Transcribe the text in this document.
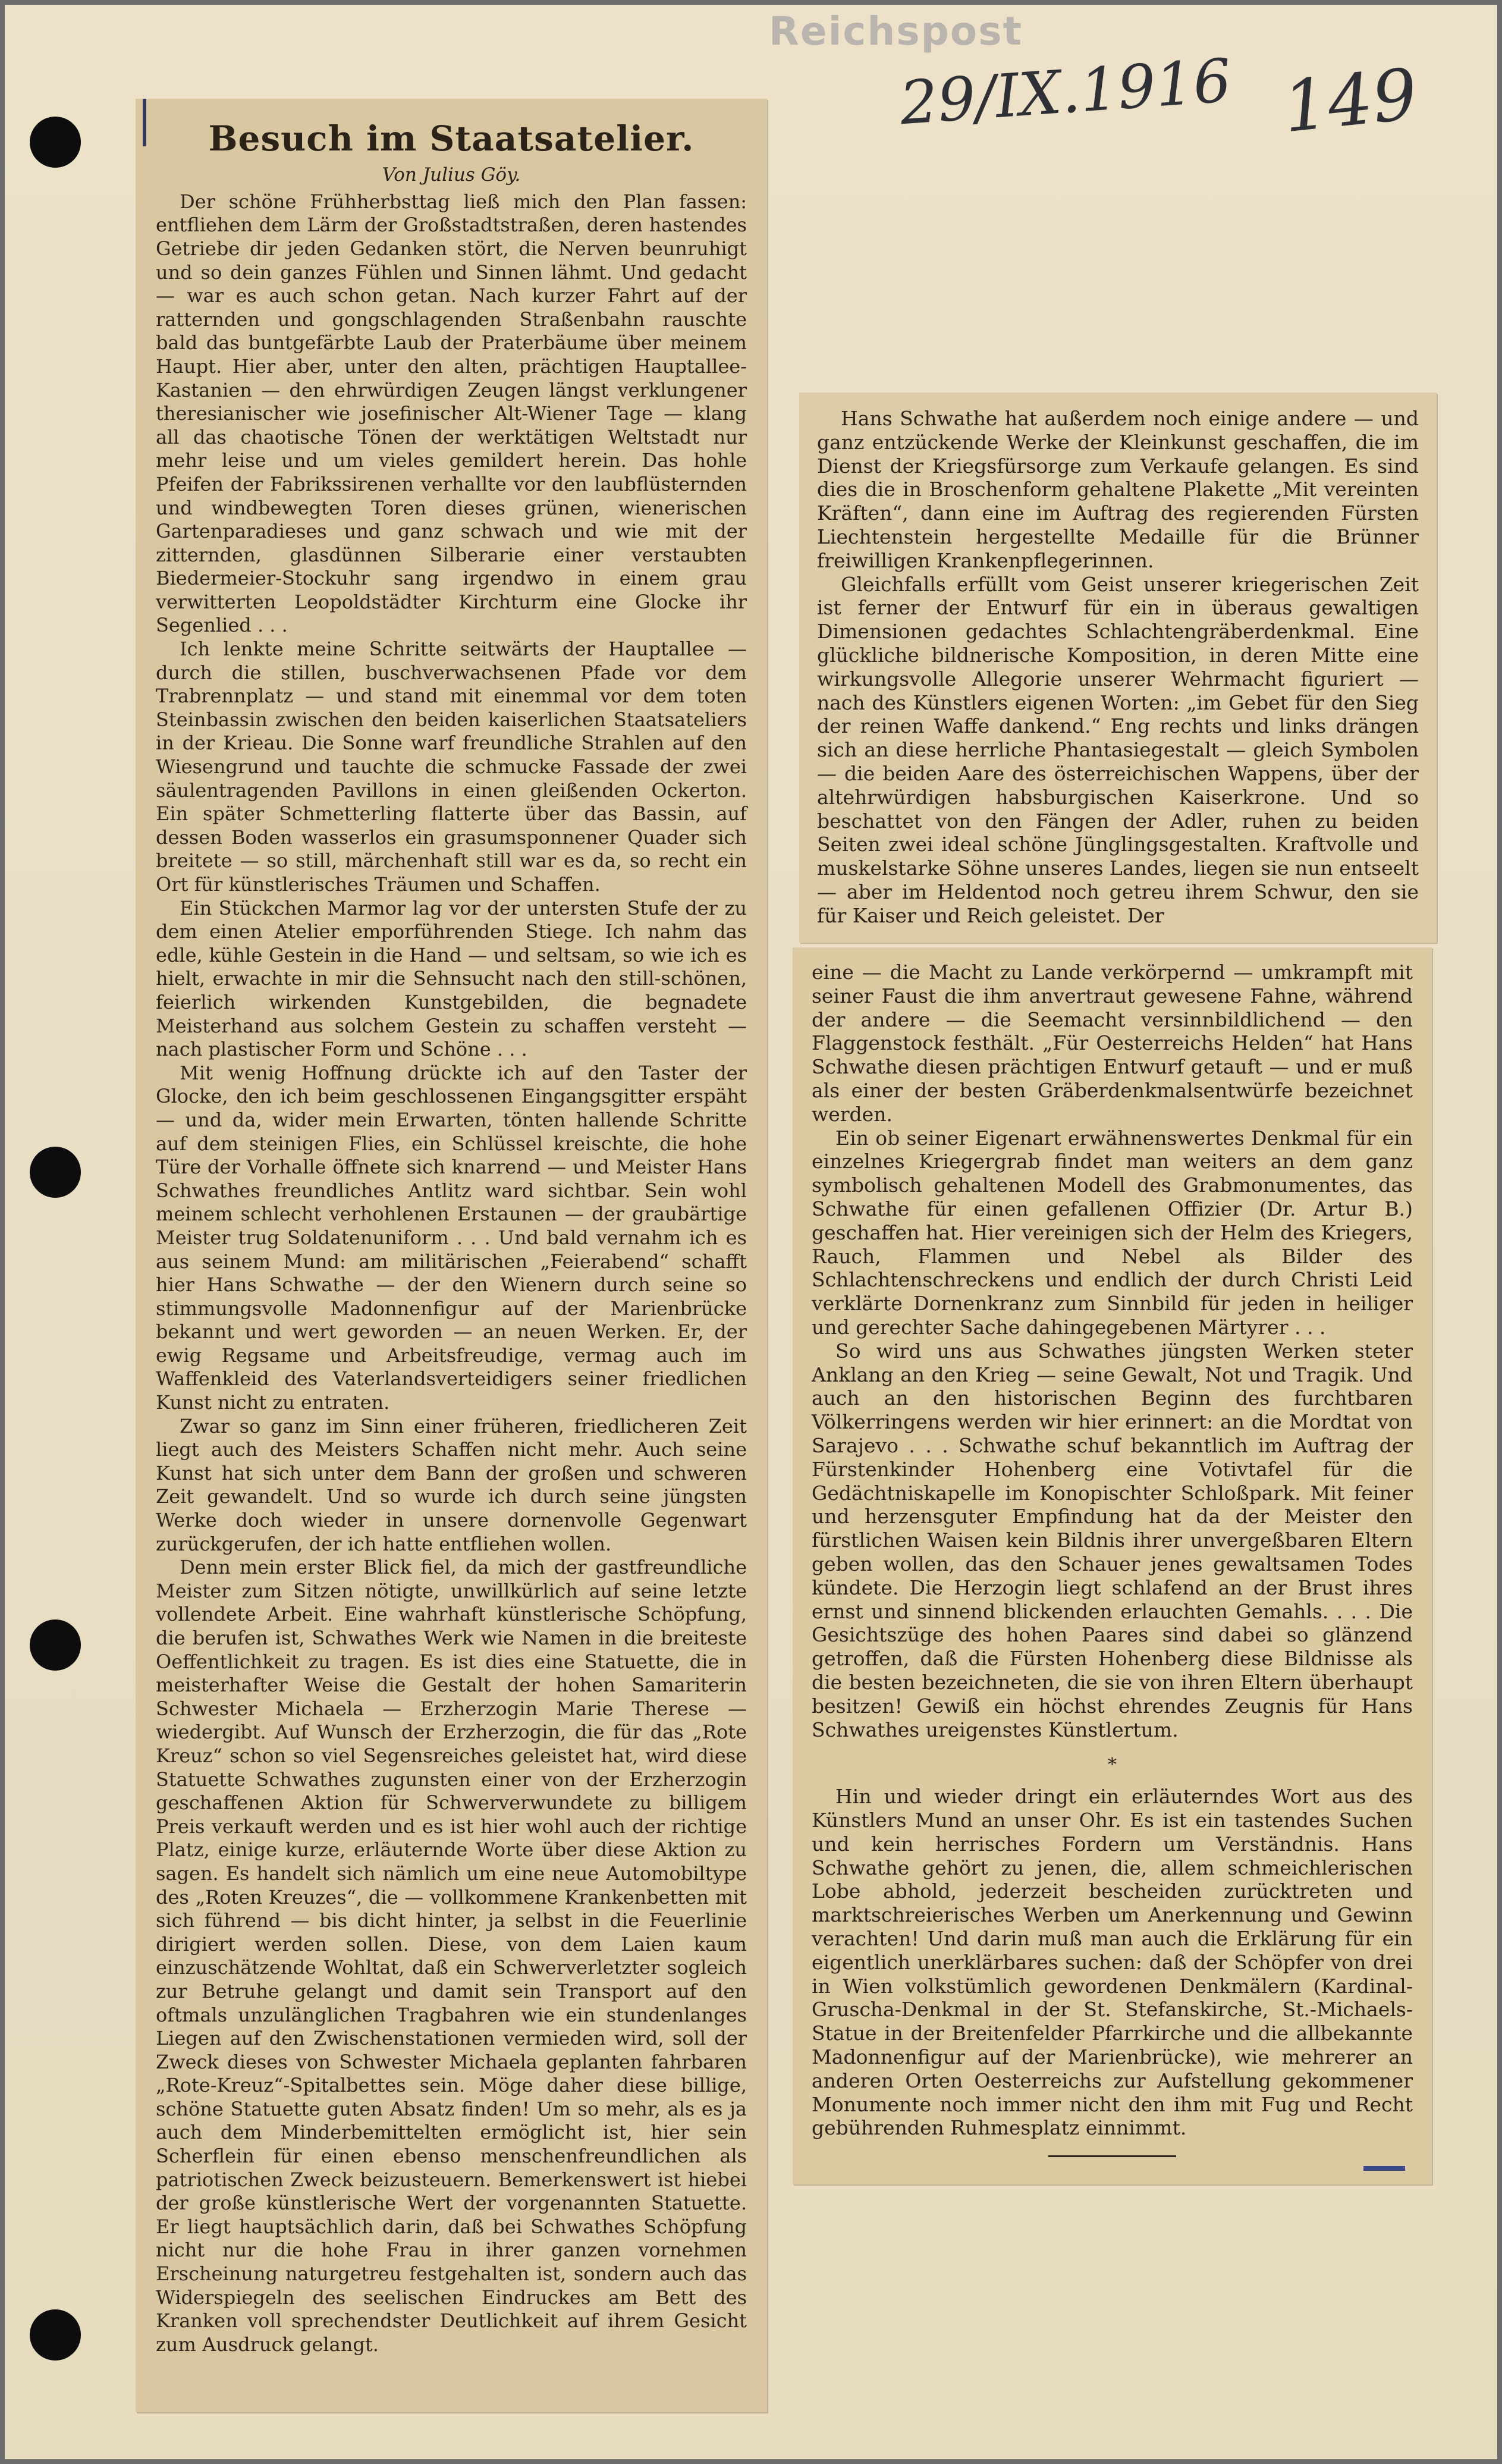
Reichspost
29/IX.1916 149
Besuch im Staatsatelier.
Von Julius Göy.

Der schöne Frühherbsttag ließ mich den Plan fassen: entfliehen dem Lärm der Großstadtstraßen, deren hastendes Getriebe dir jeden Gedanken stört, die Nerven beunruhigt und so dein ganzes Fühlen und Sinnen lähmt. Und gedacht — war es auch schon getan. Nach kurzer Fahrt auf der ratternden und gongschlagenden Straßenbahn rauschte bald das buntgefärbte Laub der Praterbäume über meinem Haupt. Hier aber, unter den alten, prächtigen Hauptallee-Kastanien — den ehrwürdigen Zeugen längst verklungener theresianischer wie josefinischer Alt-Wiener Tage — klang all das chaotische Tönen der werktätigen Weltstadt nur mehr leise und um vieles gemildert herein. Das hohle Pfeifen der Fabrikssirenen verhallte vor den laubflüsternden und windbewegten Toren dieses grünen, wienerischen Gartenparadieses und ganz schwach und wie mit der zitternden, glasdünnen Silberarie einer verstaubten Biedermeier-Stockuhr sang irgendwo in einem grau verwitterten Leopoldstädter Kirchturm eine Glocke ihr Segenlied . . .

Ich lenkte meine Schritte seitwärts der Hauptallee — durch die stillen, buschverwachsenen Pfade vor dem Trabrennplatz — und stand mit einemmal vor dem toten Steinbassin zwischen den beiden kaiserlichen Staatsateliers in der Krieau. Die Sonne warf freundliche Strahlen auf den Wiesengrund und tauchte die schmucke Fassade der zwei säulentragenden Pavillons in einen gleißenden Ockerton. Ein später Schmetterling flatterte über das Bassin, auf dessen Boden wasserlos ein grasumsponnener Quader sich breitete — so still, märchenhaft still war es da, so recht ein Ort für künstlerisches Träumen und Schaffen.

Ein Stückchen Marmor lag vor der untersten Stufe der zu dem einen Atelier emporführenden Stiege. Ich nahm das edle, kühle Gestein in die Hand — und seltsam, so wie ich es hielt, erwachte in mir die Sehnsucht nach den still-schönen, feierlich wirkenden Kunstgebilden, die begnadete Meisterhand aus solchem Gestein zu schaffen versteht — nach plastischer Form und Schöne . . .

Mit wenig Hoffnung drückte ich auf den Taster der Glocke, den ich beim geschlossenen Eingangsgitter erspäht — und da, wider mein Erwarten, tönten hallende Schritte auf dem steinigen Flies, ein Schlüssel kreischte, die hohe Türe der Vorhalle öffnete sich knarrend — und Meister Hans Schwathes freundliches Antlitz ward sichtbar. Sein wohl meinem schlecht verhohlenen Erstaunen — der graubärtige Meister trug Soldatenuniform . . . Und bald vernahm ich es aus seinem Mund: am militärischen „Feierabend“ schafft hier Hans Schwathe — der den Wienern durch seine so stimmungsvolle Madonnenfigur auf der Marienbrücke bekannt und wert geworden — an neuen Werken. Er, der ewig Regsame und Arbeitsfreudige, vermag auch im Waffenkleid des Vaterlandsverteidigers seiner friedlichen Kunst nicht zu entraten.

Zwar so ganz im Sinn einer früheren, friedlicheren Zeit liegt auch des Meisters Schaffen nicht mehr. Auch seine Kunst hat sich unter dem Bann der großen und schweren Zeit gewandelt. Und so wurde ich durch seine jüngsten Werke doch wieder in unsere dornenvolle Gegenwart zurückgerufen, der ich hatte entfliehen wollen.

Denn mein erster Blick fiel, da mich der gastfreundliche Meister zum Sitzen nötigte, unwillkürlich auf seine letzte vollendete Arbeit. Eine wahrhaft künstlerische Schöpfung, die berufen ist, Schwathes Werk wie Namen in die breiteste Oeffentlichkeit zu tragen. Es ist dies eine Statuette, die in meisterhafter Weise die Gestalt der hohen Samariterin Schwester Michaela — Erzherzogin Marie Therese — wiedergibt. Auf Wunsch der Erzherzogin, die für das „Rote Kreuz“ schon so viel Segensreiches geleistet hat, wird diese Statuette Schwathes zugunsten einer von der Erzherzogin geschaffenen Aktion für Schwerverwundete zu billigem Preis verkauft werden und es ist hier wohl auch der richtige Platz, einige kurze, erläuternde Worte über diese Aktion zu sagen. Es handelt sich nämlich um eine neue Automobiltype des „Roten Kreuzes“, die — vollkommene Krankenbetten mit sich führend — bis dicht hinter, ja selbst in die Feuerlinie dirigiert werden sollen. Diese, von dem Laien kaum einzuschätzende Wohltat, daß ein Schwerverletzter sogleich zur Betruhe gelangt und damit sein Transport auf den oftmals unzulänglichen Tragbahren wie ein stundenlanges Liegen auf den Zwischenstationen vermieden wird, soll der Zweck dieses von Schwester Michaela geplanten fahrbaren „Rote-Kreuz“-Spitalbettes sein. Möge daher diese billige, schöne Statuette guten Absatz finden! Um so mehr, als es ja auch dem Minderbemittelten ermöglicht ist, hier sein Scherflein für einen ebenso menschenfreundlichen als patriotischen Zweck beizusteuern. Bemerkenswert ist hiebei der große künstlerische Wert der vorgenannten Statuette. Er liegt hauptsächlich darin, daß bei Schwathes Schöpfung nicht nur die hohe Frau in ihrer ganzen vornehmen Erscheinung naturgetreu festgehalten ist, sondern auch das Widerspiegeln des seelischen Eindruckes am Bett des Kranken voll sprechendster Deutlichkeit auf ihrem Gesicht zum Ausdruck gelangt.

Hans Schwathe hat außerdem noch einige andere — und ganz entzückende Werke der Kleinkunst geschaffen, die im Dienst der Kriegsfürsorge zum Verkaufe gelangen. Es sind dies die in Broschenform gehaltene Plakette „Mit vereinten Kräften“, dann eine im Auftrag des regierenden Fürsten Liechtenstein hergestellte Medaille für die Brünner freiwilligen Krankenpflegerinnen.

Gleichfalls erfüllt vom Geist unserer kriegerischen Zeit ist ferner der Entwurf für ein in überaus gewaltigen Dimensionen gedachtes Schlachtengräberdenkmal. Eine glückliche bildnerische Komposition, in deren Mitte eine wirkungsvolle Allegorie unserer Wehrmacht figuriert — nach des Künstlers eigenen Worten: „im Gebet für den Sieg der reinen Waffe dankend.“ Eng rechts und links drängen sich an diese herrliche Phantasiegestalt — gleich Symbolen — die beiden Aare des österreichischen Wappens, über der altehrwürdigen habsburgischen Kaiserkrone. Und so beschattet von den Fängen der Adler, ruhen zu beiden Seiten zwei ideal schöne Jünglingsgestalten. Kraftvolle und muskelstarke Söhne unseres Landes, liegen sie nun entseelt — aber im Heldentod noch getreu ihrem Schwur, den sie für Kaiser und Reich geleistet. Der

eine — die Macht zu Lande verkörpernd — umkrampft mit seiner Faust die ihm anvertraut gewesene Fahne, während der andere — die Seemacht versinnbildlichend — den Flaggenstock festhält. „Für Oesterreichs Helden“ hat Hans Schwathe diesen prächtigen Entwurf getauft — und er muß als einer der besten Gräberdenkmalsentwürfe bezeichnet werden.

Ein ob seiner Eigenart erwähnenswertes Denkmal für ein einzelnes Kriegergrab findet man weiters an dem ganz symbolisch gehaltenen Modell des Grabmonumentes, das Schwathe für einen gefallenen Offizier (Dr. Artur B.) geschaffen hat. Hier vereinigen sich der Helm des Kriegers, Rauch, Flammen und Nebel als Bilder des Schlachtenschreckens und endlich der durch Christi Leid verklärte Dornenkranz zum Sinnbild für jeden in heiliger und gerechter Sache dahingegebenen Märtyrer . . .

So wird uns aus Schwathes jüngsten Werken steter Anklang an den Krieg — seine Gewalt, Not und Tragik. Und auch an den historischen Beginn des furchtbaren Völkerringens werden wir hier erinnert: an die Mordtat von Sarajevo . . . Schwathe schuf bekanntlich im Auftrag der Fürstenkinder Hohenberg eine Votivtafel für die Gedächtniskapelle im Konopischter Schloßpark. Mit feiner und herzensguter Empfindung hat da der Meister den fürstlichen Waisen kein Bildnis ihrer unvergeßbaren Eltern geben wollen, das den Schauer jenes gewaltsamen Todes kündete. Die Herzogin liegt schlafend an der Brust ihres ernst und sinnend blickenden erlauchten Gemahls. . . . Die Gesichtszüge des hohen Paares sind dabei so glänzend getroffen, daß die Fürsten Hohenberg diese Bildnisse als die besten bezeichneten, die sie von ihren Eltern überhaupt besitzen! Gewiß ein höchst ehrendes Zeugnis für Hans Schwathes ureigenstes Künstlertum.

*

Hin und wieder dringt ein erläuterndes Wort aus des Künstlers Mund an unser Ohr. Es ist ein tastendes Suchen und kein herrisches Fordern um Verständnis. Hans Schwathe gehört zu jenen, die, allem schmeichlerischen Lobe abhold, jederzeit bescheiden zurücktreten und marktschreierisches Werben um Anerkennung und Gewinn verachten! Und darin muß man auch die Erklärung für ein eigentlich unerklärbares suchen: daß der Schöpfer von drei in Wien volkstümlich gewordenen Denkmälern (Kardinal-Gruscha-Denkmal in der St. Stefanskirche, St.-Michaels-Statue in der Breitenfelder Pfarrkirche und die allbekannte Madonnenfigur auf der Marienbrücke), wie mehrerer an anderen Orten Oesterreichs zur Aufstellung gekommener Monumente noch immer nicht den ihm mit Fug und Recht gebührenden Ruhmesplatz einnimmt.
